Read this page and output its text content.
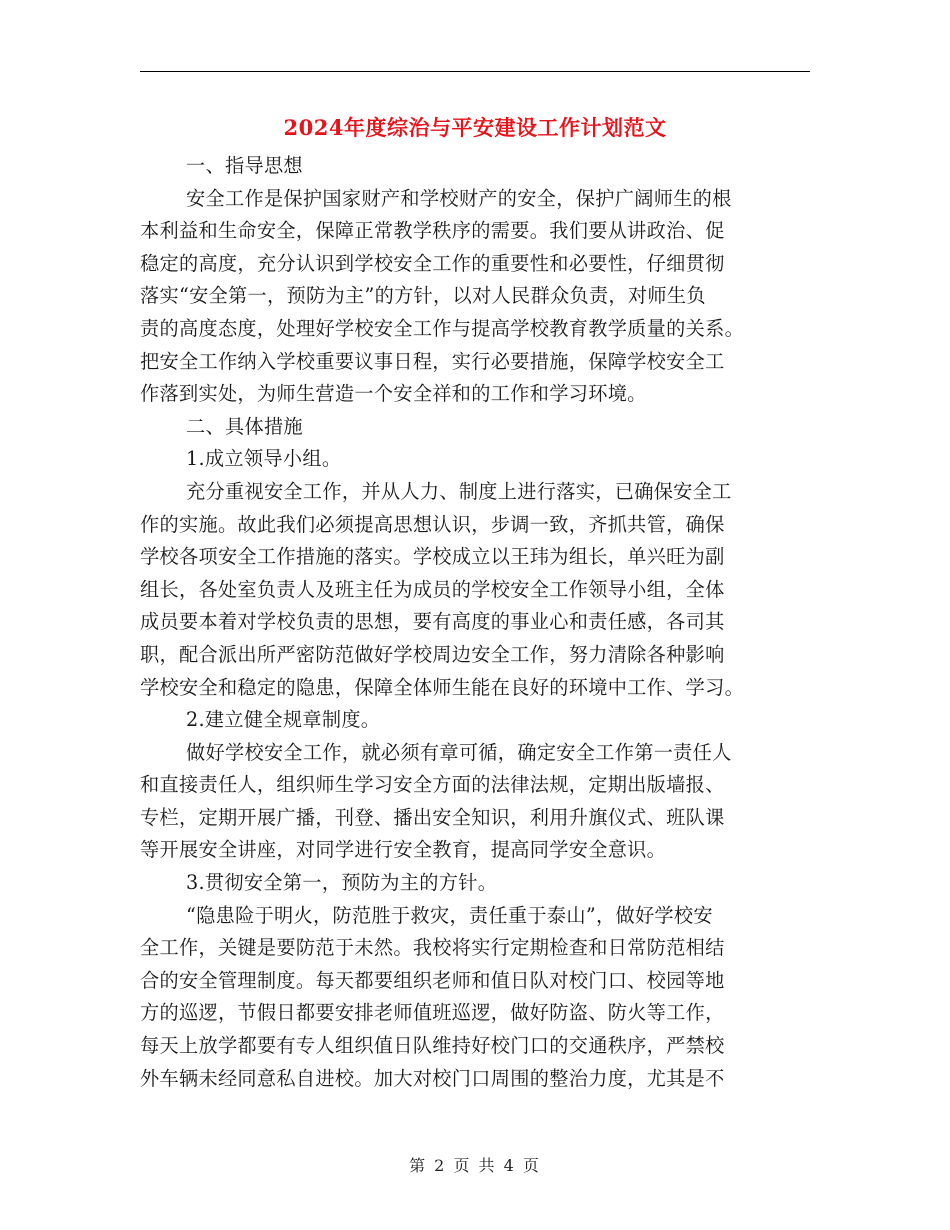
2024年度综治与平安建设工作计划范文
一、指导思想
安全工作是保护国家财产和学校财产的安全，保护广阔师生的根
本利益和生命安全，保障正常教学秩序的需要。我们要从讲政治、促
稳定的高度，充分认识到学校安全工作的重要性和必要性，仔细贯彻
落实“安全第一，预防为主”的方针，以对人民群众负责，对师生负
责的高度态度，处理好学校安全工作与提高学校教育教学质量的关系。
把安全工作纳入学校重要议事日程，实行必要措施，保障学校安全工
作落到实处，为师生营造一个安全祥和的工作和学习环境。
二、具体措施
1.成立领导小组。
充分重视安全工作，并从人力、制度上进行落实，已确保安全工
作的实施。故此我们必须提高思想认识，步调一致，齐抓共管，确保
学校各项安全工作措施的落实。学校成立以王玮为组长，单兴旺为副
组长，各处室负责人及班主任为成员的学校安全工作领导小组，全体
成员要本着对学校负责的思想，要有高度的事业心和责任感，各司其
职，配合派出所严密防范做好学校周边安全工作，努力清除各种影响
学校安全和稳定的隐患，保障全体师生能在良好的环境中工作、学习。
2.建立健全规章制度。
做好学校安全工作，就必须有章可循，确定安全工作第一责任人
和直接责任人，组织师生学习安全方面的法律法规，定期出版墙报、
专栏，定期开展广播，刊登、播出安全知识，利用升旗仪式、班队课
等开展安全讲座，对同学进行安全教育，提高同学安全意识。
3.贯彻安全第一，预防为主的方针。
“隐患险于明火，防范胜于救灾，责任重于泰山”，做好学校安
全工作，关键是要防范于未然。我校将实行定期检查和日常防范相结
合的安全管理制度。每天都要组织老师和值日队对校门口、校园等地
方的巡逻，节假日都要安排老师值班巡逻，做好防盗、防火等工作，
每天上放学都要有专人组织值日队维持好校门口的交通秩序，严禁校
外车辆未经同意私自进校。加大对校门口周围的整治力度，尤其是不
第 2 页 共 4 页
